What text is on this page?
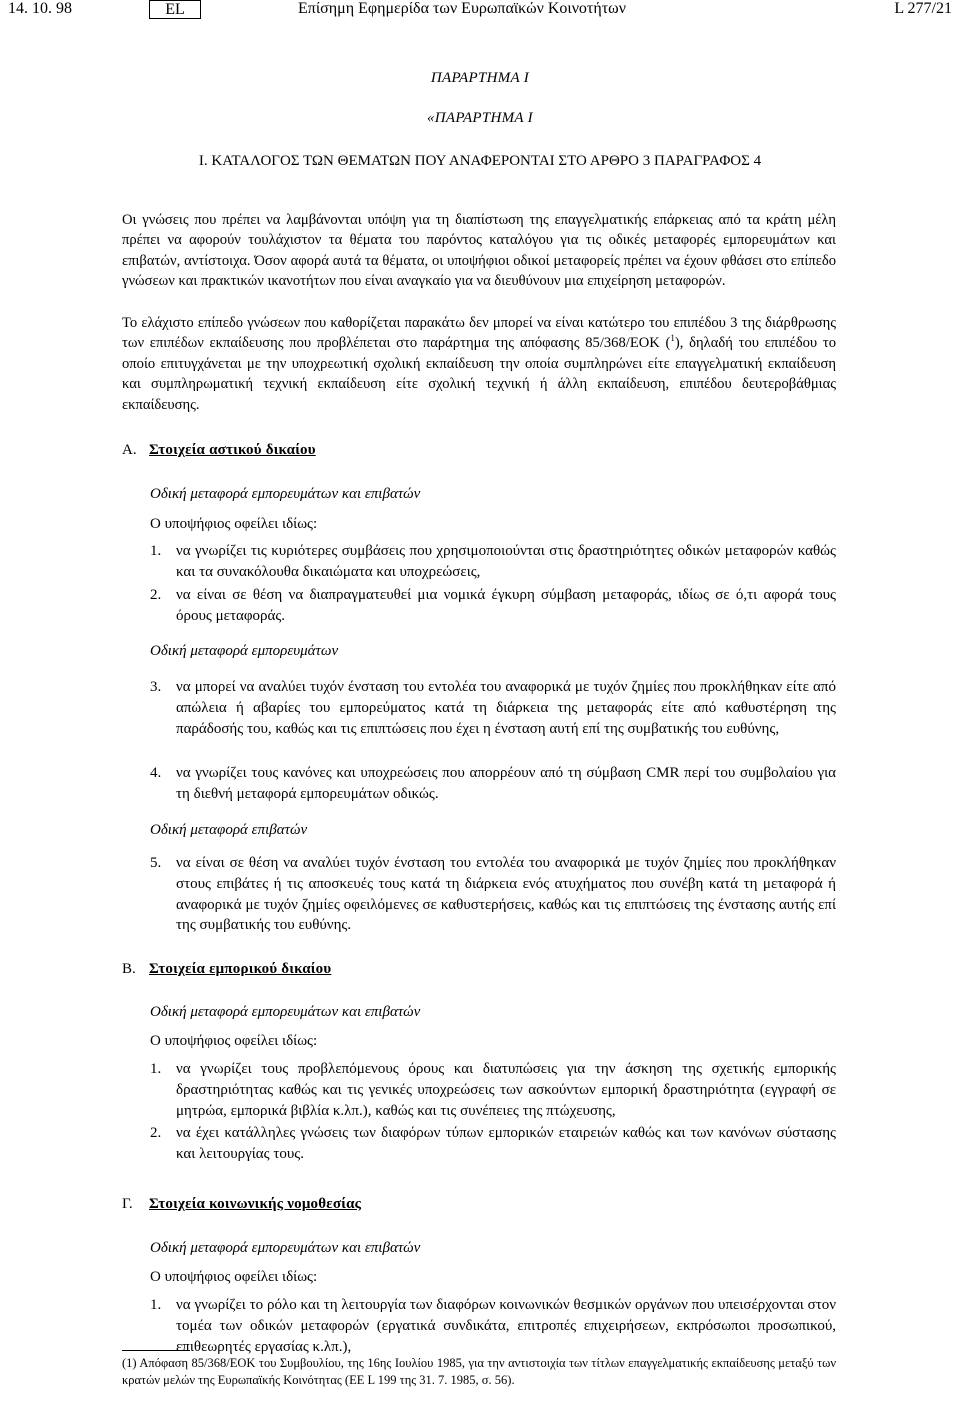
14. 10. 98	EL	Επίσημη Εφημερίδα των Ευρωπαϊκών Κοινοτήτων	L 277/21
ΠΑΡΑΡΤΗΜΑ Ι
«ΠΑΡΑΡΤΗΜΑ Ι
Ι. ΚΑΤΑΛΟΓΟΣ ΤΩΝ ΘΕΜΑΤΩΝ ΠΟΥ ΑΝΑΦΕΡΟΝΤΑΙ ΣΤΟ ΑΡΘΡΟ 3 ΠΑΡΑΓΡΑΦΟΣ 4
Οι γνώσεις που πρέπει να λαμβάνονται υπόψη για τη διαπίστωση της επαγγελματικής επάρκειας από τα κράτη μέλη πρέπει να αφορούν τουλάχιστον τα θέματα του παρόντος καταλόγου για τις οδικές μεταφορές εμπορευμάτων και επιβατών, αντίστοιχα. Όσον αφορά αυτά τα θέματα, οι υποψήφιοι οδικοί μεταφορείς πρέπει να έχουν φθάσει στο επίπεδο γνώσεων και πρακτικών ικανοτήτων που είναι αναγκαίο για να διευθύνουν μια επιχείρηση μεταφορών.
Το ελάχιστο επίπεδο γνώσεων που καθορίζεται παρακάτω δεν μπορεί να είναι κατώτερο του επιπέδου 3 της διάρθρωσης των επιπέδων εκπαίδευσης που προβλέπεται στο παράρτημα της απόφασης 85/368/ΕΟΚ ($^1$), δηλαδή του επιπέδου το οποίο επιτυγχάνεται με την υποχρεωτική σχολική εκπαίδευση την οποία συμπληρώνει είτε επαγγελματική εκπαίδευση και συμπληρωματική τεχνική εκπαίδευση είτε σχολική τεχνική ή άλλη εκπαίδευση, επιπέδου δευτεροβάθμιας εκπαίδευσης.
Α. Στοιχεία αστικού δικαίου
Οδική μεταφορά εμπορευμάτων και επιβατών
Ο υποψήφιος οφείλει ιδίως:
1. να γνωρίζει τις κυριότερες συμβάσεις που χρησιμοποιούνται στις δραστηριότητες οδικών μεταφορών καθώς και τα συνακόλουθα δικαιώματα και υποχρεώσεις,
2. να είναι σε θέση να διαπραγματευθεί μια νομικά έγκυρη σύμβαση μεταφοράς, ιδίως σε ό,τι αφορά τους όρους μεταφοράς.
Οδική μεταφορά εμπορευμάτων
3. να μπορεί να αναλύει τυχόν ένσταση του εντολέα του αναφορικά με τυχόν ζημίες που προκλήθηκαν είτε από απώλεια ή αβαρίες του εμπορεύματος κατά τη διάρκεια της μεταφοράς είτε από καθυστέρηση της παράδοσής του, καθώς και τις επιπτώσεις που έχει η ένσταση αυτή επί της συμβατικής του ευθύνης,
4. να γνωρίζει τους κανόνες και υποχρεώσεις που απορρέουν από τη σύμβαση CMR περί του συμβολαίου για τη διεθνή μεταφορά εμπορευμάτων οδικώς.
Οδική μεταφορά επιβατών
5. να είναι σε θέση να αναλύει τυχόν ένσταση του εντολέα του αναφορικά με τυχόν ζημίες που προκλήθηκαν στους επιβάτες ή τις αποσκευές τους κατά τη διάρκεια ενός ατυχήματος που συνέβη κατά τη μεταφορά ή αναφορικά με τυχόν ζημίες οφειλόμενες σε καθυστερήσεις, καθώς και τις επιπτώσεις της ένστασης αυτής επί της συμβατικής του ευθύνης.
Β. Στοιχεία εμπορικού δικαίου
Οδική μεταφορά εμπορευμάτων και επιβατών
Ο υποψήφιος οφείλει ιδίως:
1. να γνωρίζει τους προβλεπόμενους όρους και διατυπώσεις για την άσκηση της σχετικής εμπορικής δραστηριότητας καθώς και τις γενικές υποχρεώσεις των ασκούντων εμπορική δραστηριότητα (εγγραφή σε μητρώα, εμπορικά βιβλία κ.λπ.), καθώς και τις συνέπειες της πτώχευσης,
2. να έχει κατάλληλες γνώσεις των διαφόρων τύπων εμπορικών εταιρειών καθώς και των κανόνων σύστασης και λειτουργίας τους.
Γ. Στοιχεία κοινωνικής νομοθεσίας
Οδική μεταφορά εμπορευμάτων και επιβατών
Ο υποψήφιος οφείλει ιδίως:
1. να γνωρίζει το ρόλο και τη λειτουργία των διαφόρων κοινωνικών θεσμικών οργάνων που υπεισέρχονται στον τομέα των οδικών μεταφορών (εργατικά συνδικάτα, επιτροπές επιχειρήσεων, εκπρόσωποι προσωπικού, επιθεωρητές εργασίας κ.λπ.),
(1) Απόφαση 85/368/ΕΟΚ του Συμβουλίου, της 16ης Ιουλίου 1985, για την αντιστοιχία των τίτλων επαγγελματικής εκπαίδευσης μεταξύ των κρατών μελών της Ευρωπαϊκής Κοινότητας (ΕΕ L 199 της 31. 7. 1985, σ. 56).
